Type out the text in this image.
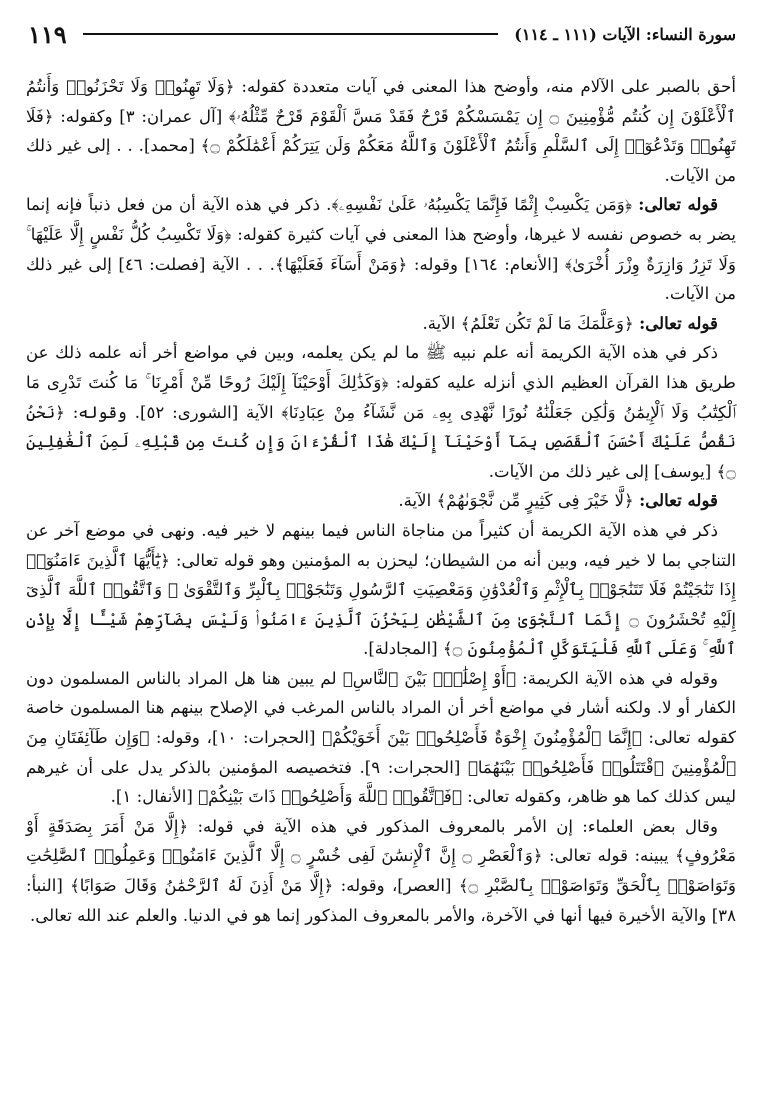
سورة النساء: الآيات (١١١ ـ ١١٤)
١١٩

أحق بالصبر على الآلام منه، وأوضح هذا المعنى في آيات متعددة كقوله: ﴿وَلَا تَهِنُوا۟ وَلَا تَحْزَنُوا۟ وَأَنتُمُ ٱلْأَعْلَوْنَ إِن كُنتُم مُّؤْمِنِينَ ۝ إِن يَمْسَسْكُمْ قَرْحٌ فَقَدْ مَسَّ ٱلْقَوْمَ قَرْحٌ مِّثْلُهُۥ﴾ [آل عمران: ٣] وكقوله: ﴿فَلَا تَهِنُوا۟ وَتَدْعُوٓا۟ إِلَى ٱلسَّلْمِ وَأَنتُمُ ٱلْأَعْلَوْنَ وَٱللَّهُ مَعَكُمْ وَلَن يَتِرَكُمْ أَعْمَٰلَكُمْ ۝﴾ [محمد]. . . إلى غير ذلك من الآيات.

قوله تعالى: ﴿وَمَن يَكْسِبْ إِثْمًا فَإِنَّمَا يَكْسِبُهُۥ عَلَىٰ نَفْسِهِۦ﴾. ذكر في هذه الآية أن من فعل ذنباً فإنه إنما يضر به خصوص نفسه لا غيرها، وأوضح هذا المعنى في آيات كثيرة كقوله: ﴿وَلَا تَكْسِبُ كُلُّ نَفْسٍ إِلَّا عَلَيْهَا ۚ وَلَا تَزِرُ وَازِرَةٌ وِزْرَ أُخْرَىٰ﴾ [الأنعام: ١٦٤] وقوله: ﴿وَمَنْ أَسَآءَ فَعَلَيْهَا﴾. . . الآية [فصلت: ٤٦] إلى غير ذلك من الآيات.

قوله تعالى: ﴿وَعَلَّمَكَ مَا لَمْ تَكُن تَعْلَمُ﴾ الآية.

ذكر في هذه الآية الكريمة أنه علم نبيه ﷺ ما لم يكن يعلمه، وبين في مواضع أخر أنه علمه ذلك عن طريق هذا القرآن العظيم الذي أنزله عليه كقوله: ﴿وَكَذَٰلِكَ أَوْحَيْنَآ إِلَيْكَ رُوحًا مِّنْ أَمْرِنَا ۚ مَا كُنتَ تَدْرِى مَا ٱلْكِتَٰبُ وَلَا ٱلْإِيمَٰنُ وَلَٰكِن جَعَلْنَٰهُ نُورًا نَّهْدِى بِهِۦ مَن نَّشَآءُ مِنْ عِبَادِنَا﴾ الآية [الشورى: ٥٢]. وقوله: ﴿نَحْنُ نَقُصُّ عَلَيْكَ أَحْسَنَ ٱلْقَصَصِ بِمَآ أَوْحَيْنَآ إِلَيْكَ هَٰذَا ٱلْقُرْءَانَ وَإِن كُنتَ مِن قَبْلِهِۦ لَمِنَ ٱلْغَٰفِلِينَ ۝﴾ [يوسف] إلى غير ذلك من الآيات.

قوله تعالى: ﴿لَّا خَيْرَ فِى كَثِيرٍ مِّن نَّجْوَىٰهُمْ﴾ الآية.

ذكر في هذه الآية الكريمة أن كثيراً من مناجاة الناس فيما بينهم لا خير فيه. ونهى في موضع آخر عن التناجي بما لا خير فيه، وبين أنه من الشيطان؛ ليحزن به المؤمنين وهو قوله تعالى: ﴿يَٰٓأَيُّهَا ٱلَّذِينَ ءَامَنُوٓا۟ إِذَا تَنَٰجَيْتُمْ فَلَا تَتَنَٰجَوْا۟ بِٱلْإِثْمِ وَٱلْعُدْوَٰنِ وَمَعْصِيَتِ ٱلرَّسُولِ وَتَنَٰجَوْا۟ بِٱلْبِرِّ وَٱلتَّقْوَىٰ ۖ وَٱتَّقُوا۟ ٱللَّهَ ٱلَّذِىٓ إِلَيْهِ تُحْشَرُونَ ۝ إِنَّمَا ٱلنَّجْوَىٰ مِنَ ٱلشَّيْطَٰنِ لِيَحْزُنَ ٱلَّذِينَ ءَامَنُوا۟ وَلَيْسَ بِضَآرِّهِمْ شَيْـًٔا إِلَّا بِإِذْنِ ٱللَّهِ ۚ وَعَلَى ٱللَّهِ فَلْيَتَوَكَّلِ ٱلْمُؤْمِنُونَ ۝﴾ [المجادلة].

وقوله في هذه الآية الكريمة: ﴿أَوْ إِصْلَٰحٍۭ بَيْنَ ٱلنَّاسِ﴾ لم يبين هنا هل المراد بالناس المسلمون دون الكفار أو لا. ولكنه أشار في مواضع أخر أن المراد بالناس المرغب في الإصلاح بينهم هنا المسلمون خاصة كقوله تعالى: ﴿إِنَّمَا ٱلْمُؤْمِنُونَ إِخْوَةٌ فَأَصْلِحُوا۟ بَيْنَ أَخَوَيْكُمْ﴾ [الحجرات: ١٠]، وقوله: ﴿وَإِن طَآئِفَتَانِ مِنَ ٱلْمُؤْمِنِينَ ٱقْتَتَلُوا۟ فَأَصْلِحُوا۟ بَيْنَهُمَا﴾ [الحجرات: ٩]. فتخصيصه المؤمنين بالذكر يدل على أن غيرهم ليس كذلك كما هو ظاهر، وكقوله تعالى: ﴿فَٱتَّقُوا۟ ٱللَّهَ وَأَصْلِحُوا۟ ذَاتَ بَيْنِكُمْ﴾ [الأنفال: ١].

وقال بعض العلماء: إن الأمر بالمعروف المذكور في هذه الآية في قوله: ﴿إِلَّا مَنْ أَمَرَ بِصَدَقَةٍ أَوْ مَعْرُوفٍ﴾ يبينه: قوله تعالى: ﴿وَٱلْعَصْرِ ۝ إِنَّ ٱلْإِنسَٰنَ لَفِى خُسْرٍ ۝ إِلَّا ٱلَّذِينَ ءَامَنُوا۟ وَعَمِلُوا۟ ٱلصَّٰلِحَٰتِ وَتَوَاصَوْا۟ بِٱلْحَقِّ وَتَوَاصَوْا۟ بِٱلصَّبْرِ ۝﴾ [العصر]، وقوله: ﴿إِلَّا مَنْ أَذِنَ لَهُ ٱلرَّحْمَٰنُ وَقَالَ صَوَابًا﴾ [النبأ: ٣٨] والآية الأخيرة فيها أنها في الآخرة، والأمر بالمعروف المذكور إنما هو في الدنيا. والعلم عند الله تعالى.
